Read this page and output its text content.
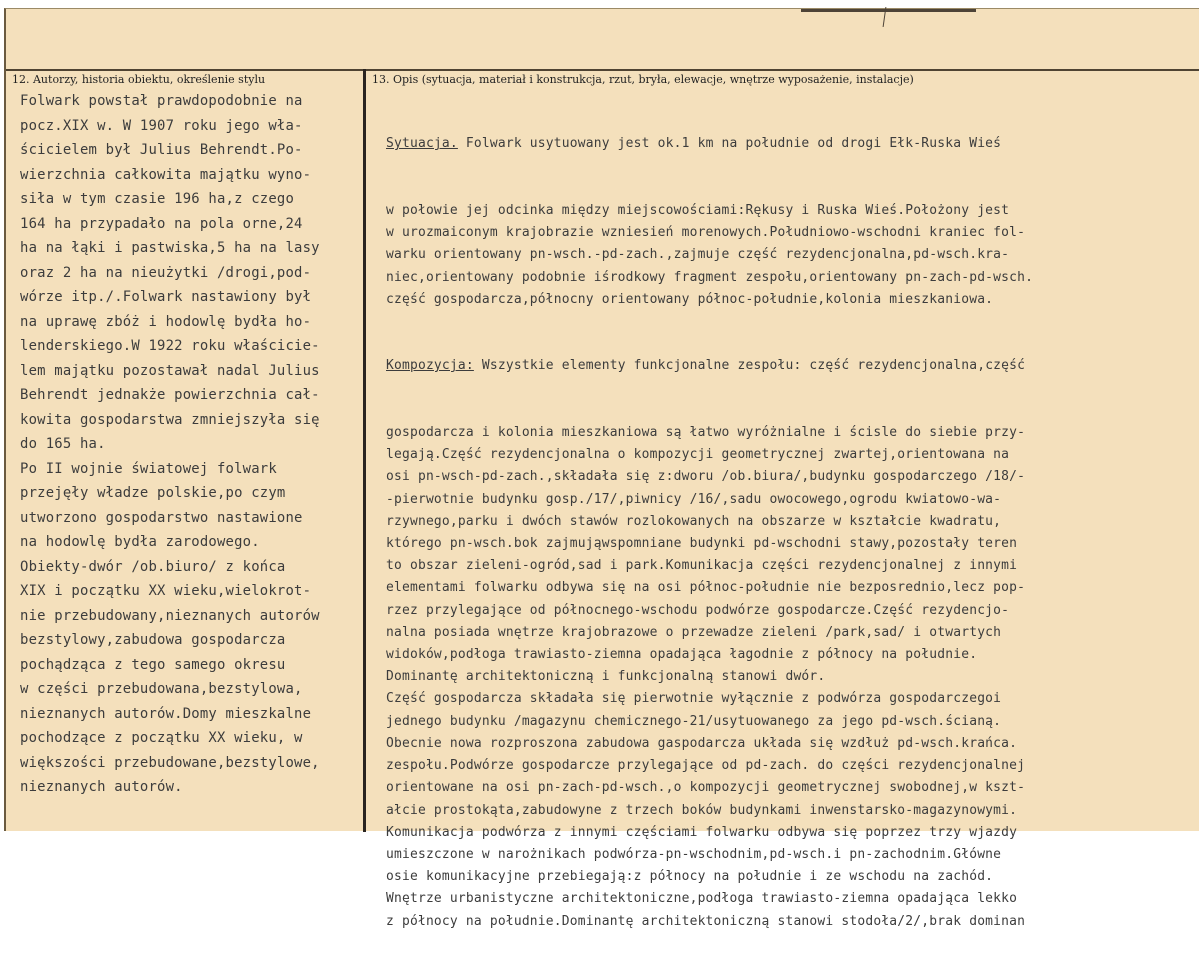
12. Autorzy, historia obiektu, określenie stylu	13. Opis (sytuacja, materiał i konstrukcja, rzut, bryła, elewacje, wnętrze wyposażenie, instalacje)
Folwark powstał prawdopodobnie na
pocz.XIX w. W 1907 roku jego wła-
ścicielem był Julius Behrendt.Po-
wierzchnia całkowita majątku wyno-
siła w tym czasie 196 ha,z czego
164 ha przypadało na pola orne,24
ha na łąki i pastwiska,5 ha na lasy
oraz 2 ha na nieużytki /drogi,pod-
wórze itp./.Folwark nastawiony był
na uprawę zbóż i hodowlę bydła ho-
lenderskiego.W 1922 roku właścicie-
lem majątku pozostawał nadal Julius
Behrendt jednakże powierzchnia cał-
kowita gospodarstwa zmniejszyła się
do 165 ha.
Po II wojnie światowej folwark
przejęły władze polskie,po czym
utworzono gospodarstwo nastawione
na hodowlę bydła zarodowego.
Obiekty-dwór /ob.biuro/ z końca
XIX i początku XX wieku,wielokrot-
nie przebudowany,nieznanych autorów
bezstylowy,zabudowa gospodarcza
pochądząca z tego samego okresu
w części przebudowana,bezstylowa,
nieznanych autorów.Domy mieszkalne
pochodzące z początku XX wieku, w
większości przebudowane,bezstylowe,
nieznanych autorów.

Sytuacja. Folwark usytuowany jest ok.1 km na południe od drogi Ełk-Ruska Wieś

w połowie jej odcinka między miejscowościami:Rękusy i Ruska Wieś.Położony jest
w urozmaiconym krajobrazie wzniesień morenowych.Południowo-wschodni kraniec fol-
warku orientowany pn-wsch.-pd-zach.,zajmuje część rezydencjonalna,pd-wsch.kra-
niec,orientowany podobnie iśrodkowy fragment zespołu,orientowany pn-zach-pd-wsch.
część gospodarcza,północny orientowany północ-południe,kolonia mieszkaniowa.

Kompozycja: Wszystkie elementy funkcjonalne zespołu: część rezydencjonalna,część

gospodarcza i kolonia mieszkaniowa są łatwo wyróżnialne i ścisle do siebie przy-
legają.Część rezydencjonalna o kompozycji geometrycznej zwartej,orientowana na
osi pn-wsch-pd-zach.,składała się z:dworu /ob.biura/,budynku gospodarczego /18/-
-pierwotnie budynku gosp./17/,piwnicy /16/,sadu owocowego,ogrodu kwiatowo-wa-
rzywnego,parku i dwóch stawów rozlokowanych na obszarze w kształcie kwadratu,
którego pn-wsch.bok zajmująwspomniane budynki pd-wschodni stawy,pozostały teren
to obszar zieleni-ogród,sad i park.Komunikacja części rezydencjonalnej z innymi
elementami folwarku odbywa się na osi północ-południe nie bezposrednio,lecz pop-
rzez przylegające od północnego-wschodu podwórze gospodarcze.Część rezydencjo-
nalna posiada wnętrze krajobrazowe o przewadze zieleni /park,sad/ i otwartych
widoków,podłoga trawiasto-ziemna opadająca łagodnie z północy na południe.
Dominantę architektoniczną i funkcjonalną stanowi dwór.
Część gospodarcza składała się pierwotnie wyłącznie z podwórza gospodarczegoi
jednego budynku /magazynu chemicznego-21/usytuowanego za jego pd-wsch.ścianą.
Obecnie nowa rozproszona zabudowa gaspodarcza układa się wzdłuż pd-wsch.krańca.
zespołu.Podwórze gospodarcze przylegające od pd-zach. do części rezydencjonalnej
orientowane na osi pn-zach-pd-wsch.,o kompozycji geometrycznej swobodnej,w kszt-
ałcie prostokąta,zabudowyne z trzech boków budynkami inwenstarsko-magazynowymi.
Komunikacja podwórza z innymi częściami folwarku odbywa się poprzez trzy wjazdy
umieszczone w narożnikach podwórza-pn-wschodnim,pd-wsch.i pn-zachodnim.Główne
osie komunikacyjne przebiegają:z północy na południe i ze wschodu na zachód.
Wnętrze urbanistyczne architektoniczne,podłoga trawiasto-ziemna opadająca lekko
z północy na południe.Dominantę architektoniczną stanowi stodoła/2/,brak dominan
